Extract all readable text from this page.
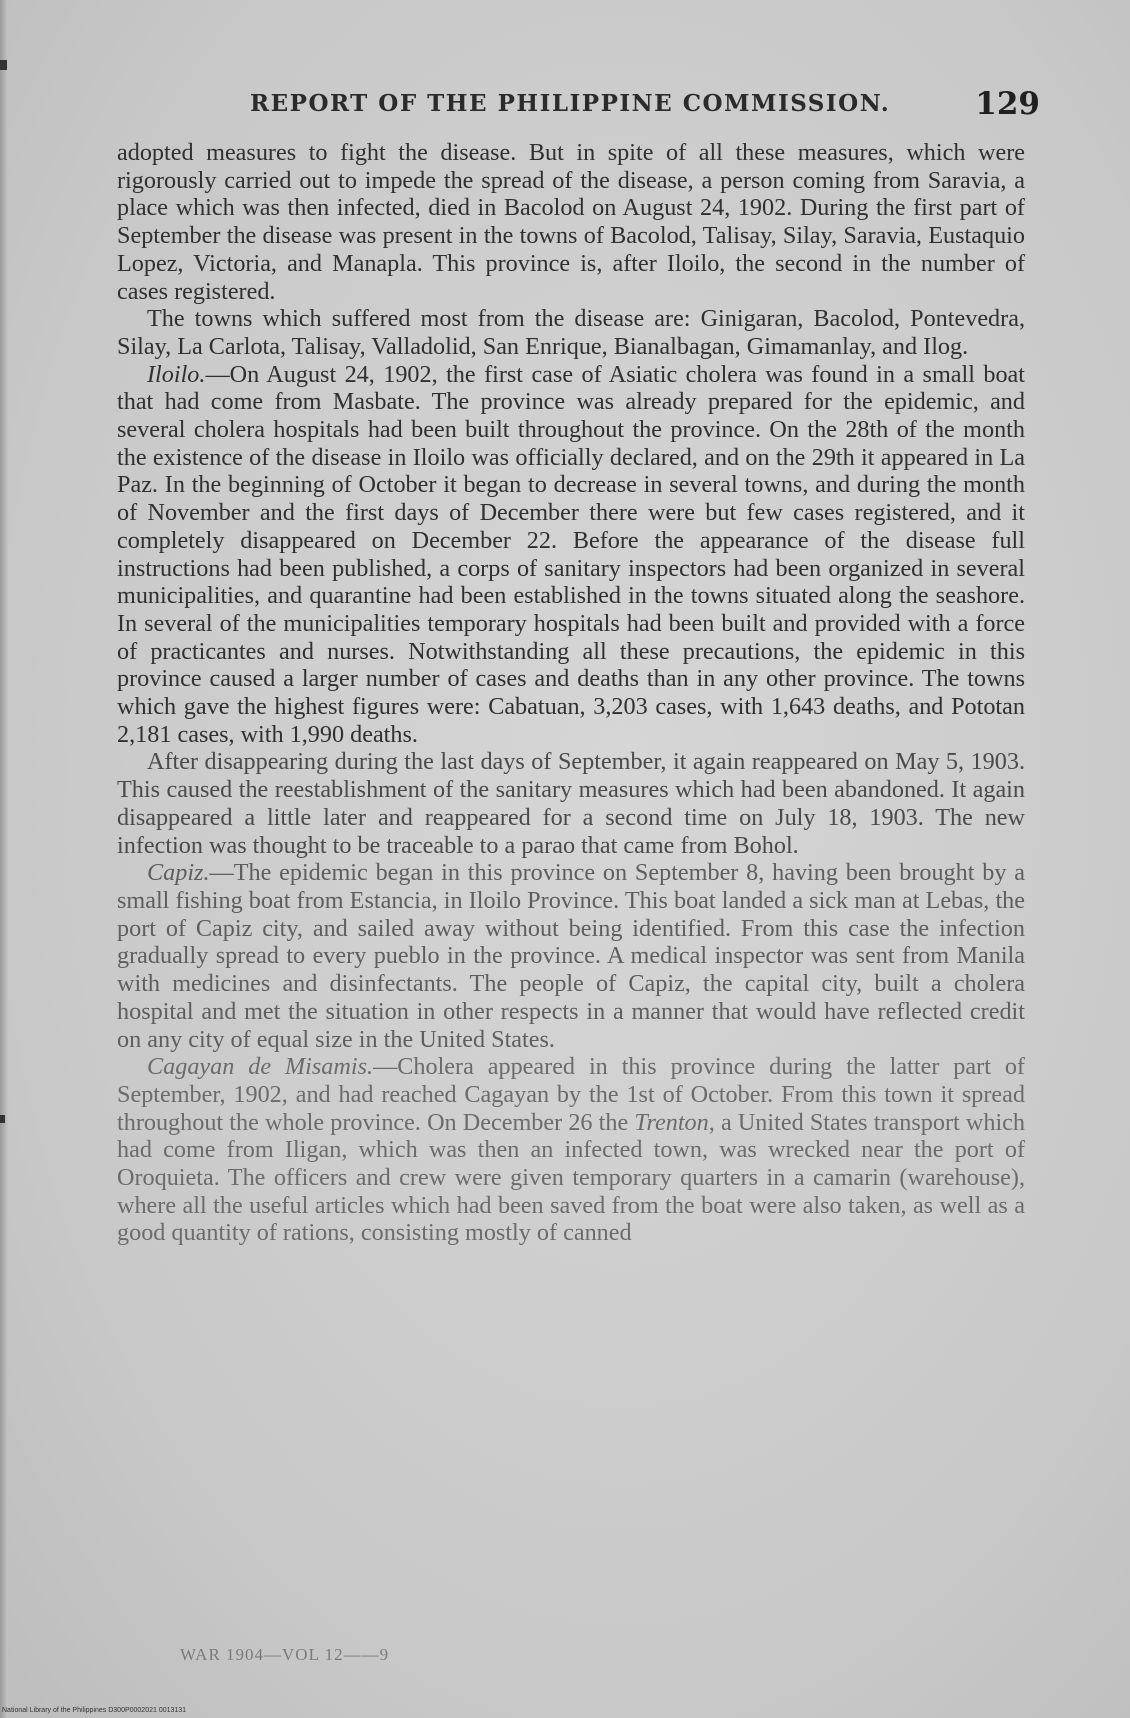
REPORT OF THE PHILIPPINE COMMISSION.	129

adopted measures to fight the disease. But in spite of all these measures, which were rigorously carried out to impede the spread of the disease, a person coming from Saravia, a place which was then infected, died in Bacolod on August 24, 1902. During the first part of September the disease was present in the towns of Bacolod, Talisay, Silay, Saravia, Eustaquio Lopez, Victoria, and Manapla. This province is, after Iloilo, the second in the number of cases registered.

The towns which suffered most from the disease are: Ginigaran, Bacolod, Pontevedra, Silay, La Carlota, Talisay, Valladolid, San Enrique, Bianalbagan, Gimamanlay, and Ilog.

Iloilo.—On August 24, 1902, the first case of Asiatic cholera was found in a small boat that had come from Masbate. The province was already prepared for the epidemic, and several cholera hospitals had been built throughout the province. On the 28th of the month the existence of the disease in Iloilo was officially declared, and on the 29th it appeared in La Paz. In the beginning of October it began to decrease in several towns, and during the month of November and the first days of December there were but few cases registered, and it completely disappeared on December 22. Before the appearance of the disease full instructions had been published, a corps of sanitary inspectors had been organized in several municipalities, and quarantine had been established in the towns situated along the seashore. In several of the municipalities temporary hospitals had been built and provided with a force of practicantes and nurses. Notwithstanding all these precautions, the epidemic in this province caused a larger number of cases and deaths than in any other province. The towns which gave the highest figures were: Cabatuan, 3,203 cases, with 1,643 deaths, and Pototan 2,181 cases, with 1,990 deaths.

After disappearing during the last days of September, it again reappeared on May 5, 1903. This caused the reestablishment of the sanitary measures which had been abandoned. It again disappeared a little later and reappeared for a second time on July 18, 1903. The new infection was thought to be traceable to a parao that came from Bohol.

Capiz.—The epidemic began in this province on September 8, having been brought by a small fishing boat from Estancia, in Iloilo Province. This boat landed a sick man at Lebas, the port of Capiz city, and sailed away without being identified. From this case the infection gradually spread to every pueblo in the province. A medical inspector was sent from Manila with medicines and disinfectants. The people of Capiz, the capital city, built a cholera hospital and met the situation in other respects in a manner that would have reflected credit on any city of equal size in the United States.

Cagayan de Misamis.—Cholera appeared in this province during the latter part of September, 1902, and had reached Cagayan by the 1st of October. From this town it spread throughout the whole province. On December 26 the Trenton, a United States transport which had come from Iligan, which was then an infected town, was wrecked near the port of Oroquieta. The officers and crew were given temporary quarters in a camarin (warehouse), where all the useful articles which had been saved from the boat were also taken, as well as a good quantity of rations, consisting mostly of canned

WAR 1904—VOL 12——9
National Library of the Philippines D300P0002021 0013131
